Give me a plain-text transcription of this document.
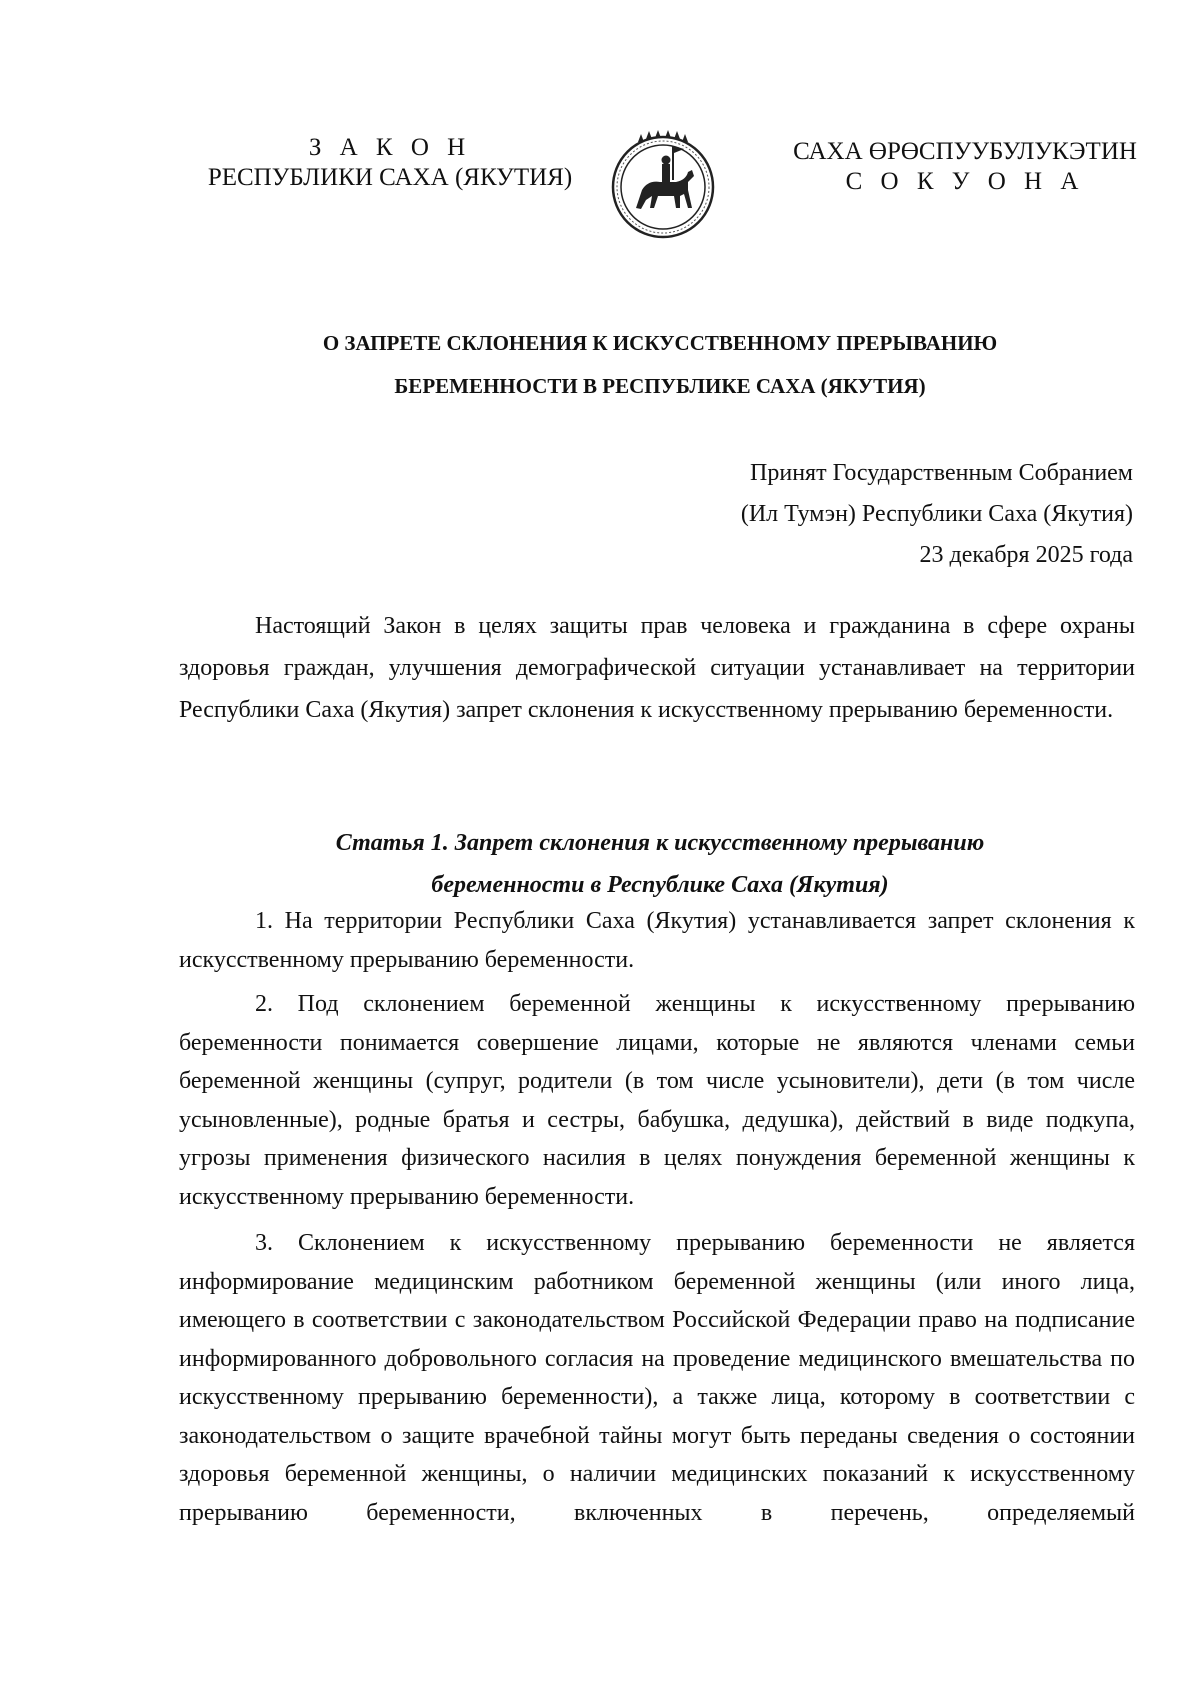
З А К О Н
РЕСПУБЛИКИ САХА (ЯКУТИЯ)
САХА ӨРӨСПУУБУЛУКЭТИН
С О К У О Н А
О ЗАПРЕТЕ СКЛОНЕНИЯ К ИСКУССТВЕННОМУ ПРЕРЫВАНИЮ
БЕРЕМЕННОСТИ В РЕСПУБЛИКЕ САХА (ЯКУТИЯ)
Принят Государственным Собранием
(Ил Тумэн) Республики Саха (Якутия)
23 декабря 2025 года

Настоящий Закон в целях защиты прав человека и гражданина в сфере охраны здоровья граждан, улучшения демографической ситуации устанавливает на территории Республики Саха (Якутия) запрет склонения к искусственному прерыванию беременности.

Статья 1. Запрет склонения к искусственному прерыванию
беременности в Республике Саха (Якутия)

1. На территории Республики Саха (Якутия) устанавливается запрет склонения к искусственному прерыванию беременности.

2. Под склонением беременной женщины к искусственному прерыванию беременности понимается совершение лицами, которые не являются членами семьи беременной женщины (супруг, родители (в том числе усыновители), дети (в том числе усыновленные), родные братья и сестры, бабушка, дедушка), действий в виде подкупа, угрозы применения физического насилия в целях понуждения беременной женщины к искусственному прерыванию беременности.

3. Склонением к искусственному прерыванию беременности не является информирование медицинским работником беременной женщины (или иного лица, имеющего в соответствии с законодательством Российской Федерации право на подписание информированного добровольного согласия на проведение медицинского вмешательства по искусственному прерыванию беременности), а также лица, которому в соответствии с законодательством о защите врачебной тайны могут быть переданы сведения о состоянии здоровья беременной женщины, о наличии медицинских показаний к искусственному прерыванию беременности, включенных в перечень, определяемый
